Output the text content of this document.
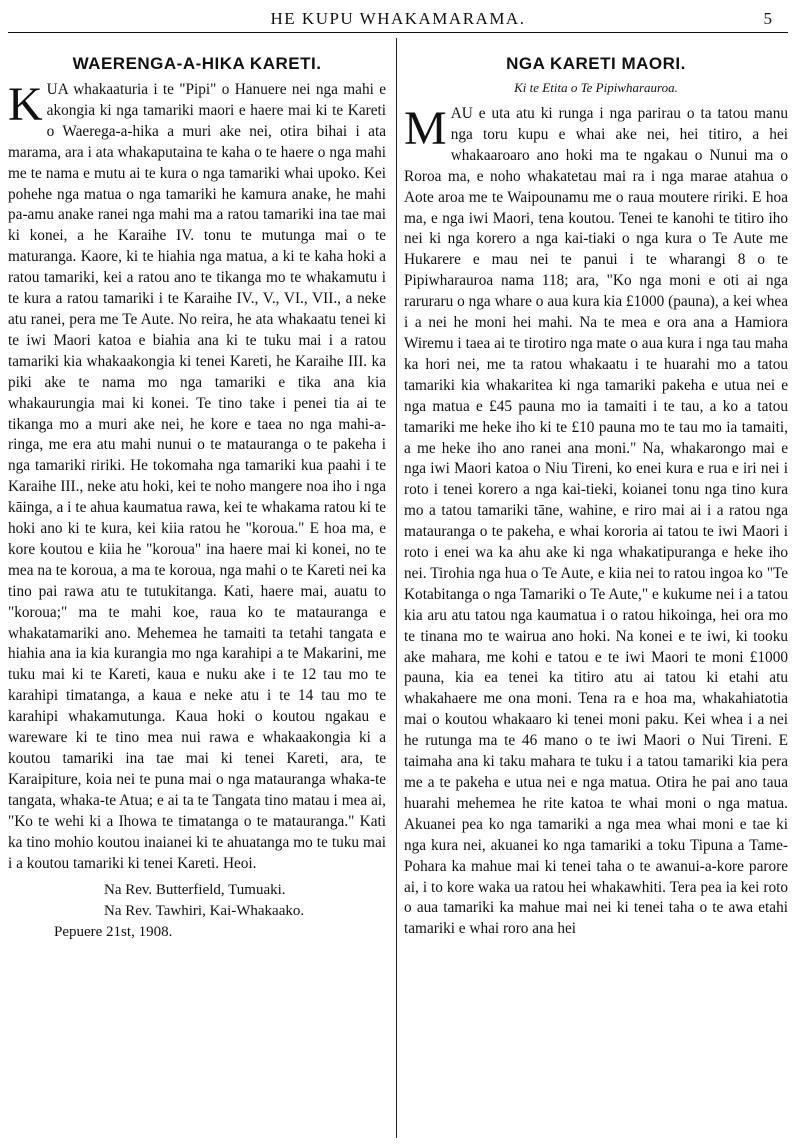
HE KUPU WHAKAMARAMA.	5
WAERENGA-A-HIKA KARETI.

KUA whakaaturia i te "Pipi" o Hanuere nei nga mahi e akongia ki nga tamariki maori e haere mai ki te Kareti o Waerega-a-hika a muri ake nei, otira bihai i ata marama, ara i ata whakaputaina te kaha o te haere o nga mahi me te nama e mutu ai te kura o nga tamariki whai upoko. Kei pohehe nga matua o nga tamariki he kamura anake, he mahi pa-amu anake ranei nga mahi ma a ratou tamariki ina tae mai ki konei, a he Karaihe IV. tonu te mutunga mai o te maturanga. Kaore, ki te hiahia nga matua, a ki te kaha hoki a ratou tamariki, kei a ratou ano te tikanga mo te whakamutu i te kura a ratou tamariki i te Karaihe IV., V., VI., VII., a neke atu ranei, pera me Te Aute. No reira, he ata whakaatu tenei ki te iwi Maori katoa e biahia ana ki te tuku mai i a ratou tamariki kia whakaakongia ki tenei Kareti, he Karaihe III. ka piki ake te nama mo nga tamariki e tika ana kia whakaurungia mai ki konei. Te tino take i penei tia ai te tikanga mo a muri ake nei, he kore e taea no nga mahi-a-ringa, me era atu mahi nunui o te matauranga o te pakeha i nga tamariki ririki. He tokomaha nga tamariki kua paahi i te Karaihe III., neke atu hoki, kei te noho mangere noa iho i nga kāinga, a i te ahua kaumatua rawa, kei te whakama ratou ki te hoki ano ki te kura, kei kiia ratou he "koroua." E hoa ma, e kore koutou e kiia he "koroua" ina haere mai ki konei, no te mea na te koroua, a ma te koroua, nga mahi o te Kareti nei ka tino pai rawa atu te tutukitanga. Kati, haere mai, auatu to "koroua;" ma te mahi koe, raua ko te matauranga e whakatamariki ano. Mehemea he tamaiti ta tetahi tangata e hiahia ana ia kia kurangia mo nga karahipi a te Makarini, me tuku mai ki te Kareti, kaua e nuku ake i te 12 tau mo te karahipi timatanga, a kaua e neke atu i te 14 tau mo te karahipi whakamutunga. Kaua hoki o koutou ngakau e wareware ki te tino mea nui rawa e whakaakongia ki a koutou tamariki ina tae mai ki tenei Kareti, ara, te Karaipiture, koia nei te puna mai o nga matauranga whaka-te tangata, whaka-te Atua; e ai ta te Tangata tino matau i mea ai, "Ko te wehi ki a Ihowa te timatanga o te matauranga." Kati ka tino mohio koutou inaianei ki te ahuatanga mo te tuku mai i a koutou tamariki ki tenei Kareti. Heoi.

Na Rev. Butterfield, Tumuaki.
Na Rev. Tawhiri, Kai-Whakaako.
Pepuere 21st, 1908.
NGA KARETI MAORI.
Ki te Etita o Te Pipiwharauroa.

MAU e uta atu ki runga i nga parirau o ta tatou manu nga toru kupu e whai ake nei, hei titiro, a hei whakaaroaro ano hoki ma te ngakau o Nunui ma o Roroa ma, e noho whakatetau mai ra i nga marae atahua o Aote aroa me te Waipounamu me o raua moutere ririki. E hoa ma, e nga iwi Maori, tena koutou. Tenei te kanohi te titiro iho nei ki nga korero a nga kai-tiaki o nga kura o Te Aute me Hukarere e mau nei te panui i te wharangi 8 o te Pipiwharauroa nama 118; ara, "Ko nga moni e oti ai nga raruraru o nga whare o aua kura kia £1000 (pauna), a kei whea i a nei he moni hei mahi. Na te mea e ora ana a Hamiora Wiremu i taea ai te tirotiro nga mate o aua kura i nga tau maha ka hori nei, me ta ratou whakaatu i te huarahi mo a tatou tamariki kia whakaritea ki nga tamariki pakeha e utua nei e nga matua e £45 pauna mo ia tamaiti i te tau, a ko a tatou tamariki me heke iho ki te £10 pauna mo te tau mo ia tamaiti, a me heke iho ano ranei ana moni." Na, whakarongo mai e nga iwi Maori katoa o Niu Tireni, ko enei kura e rua e iri nei i roto i tenei korero a nga kai-tieki, koianei tonu nga tino kura mo a tatou tamariki tāne, wahine, e riro mai ai i a ratou nga matauranga o te pakeha, e whai kororia ai tatou te iwi Maori i roto i enei wa ka ahu ake ki nga whakatipuranga e heke iho nei. Tirohia nga hua o Te Aute, e kiia nei to ratou ingoa ko "Te Kotabitanga o nga Tamariki o Te Aute," e kukume nei i a tatou kia aru atu tatou nga kaumatua i o ratou hikoinga, hei ora mo te tinana mo te wairua ano hoki. Na konei e te iwi, ki tooku ake mahara, me kohi e tatou e te iwi Maori te moni £1000 pauna, kia ea tenei ka titiro atu ai tatou ki etahi atu whakahaere me ona moni. Tena ra e hoa ma, whakahiatotia mai o koutou whakaaro ki tenei moni paku. Kei whea i a nei he rutunga ma te 46 mano o te iwi Maori o Nui Tireni. E taimaha ana ki taku mahara te tuku i a tatou tamariki kia pera me a te pakeha e utua nei e nga matua. Otira he pai ano taua huarahi mehemea he rite katoa te whai moni o nga matua. Akuanei pea ko nga tamariki a nga mea whai moni e tae ki nga kura nei, akuanei ko nga tamariki a toku Tipuna a Tame-Pohara ka mahue mai ki tenei taha o te awanui-a-kore parore ai, i to kore waka ua ratou hei whakawhiti. Tera pea ia kei roto o aua tamariki ka mahue mai nei ki tenei taha o te awa etahi tamariki e whai roro ana hei
